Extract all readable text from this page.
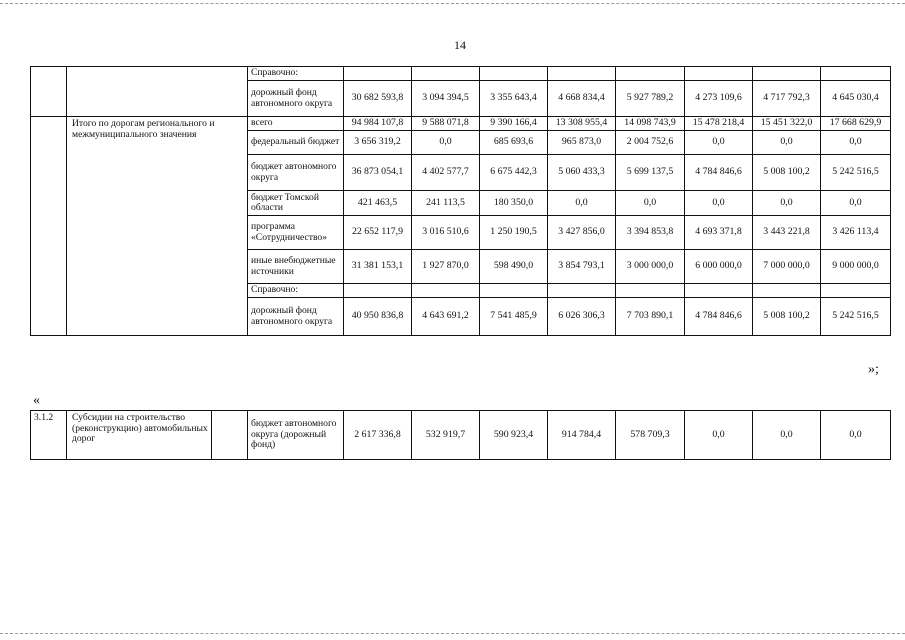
14
		Справочно:								
		дорожный фонд автономного округа	30 682 593,8	3 094 394,5	3 355 643,4	4 668 834,4	5 927 789,2	4 273 109,6	4 717 792,3	4 645 030,4
	Итого по дорогам регионального и межмуниципального значения	всего	94 984 107,8	9 588 071,8	9 390 166,4	13 308 955,4	14 098 743,9	15 478 218,4	15 451 322,0	17 668 629,9
		федеральный бюджет	3 656 319,2	0,0	685 693,6	965 873,0	2 004 752,6	0,0	0,0	0,0
		бюджет автономного округа	36 873 054,1	4 402 577,7	6 675 442,3	5 060 433,3	5 699 137,5	4 784 846,6	5 008 100,2	5 242 516,5
		бюджет Томской области	421 463,5	241 113,5	180 350,0	0,0	0,0	0,0	0,0	0,0
		программа «Сотрудничество»	22 652 117,9	3 016 510,6	1 250 190,5	3 427 856,0	3 394 853,8	4 693 371,8	3 443 221,8	3 426 113,4
		иные внебюджетные источники	31 381 153,1	1 927 870,0	598 490,0	3 854 793,1	3 000 000,0	6 000 000,0	7 000 000,0	9 000 000,0
		Справочно:								
		дорожный фонд автономного округа	40 950 836,8	4 643 691,2	7 541 485,9	6 026 306,3	7 703 890,1	4 784 846,6	5 008 100,2	5 242 516,5
»;
«
3.1.2	Субсидии на строительство (реконструкцию) автомобильных дорог		бюджет автономного округа (дорожный фонд)	2 617 336,8	532 919,7	590 923,4	914 784,4	578 709,3	0,0	0,0	0,0
